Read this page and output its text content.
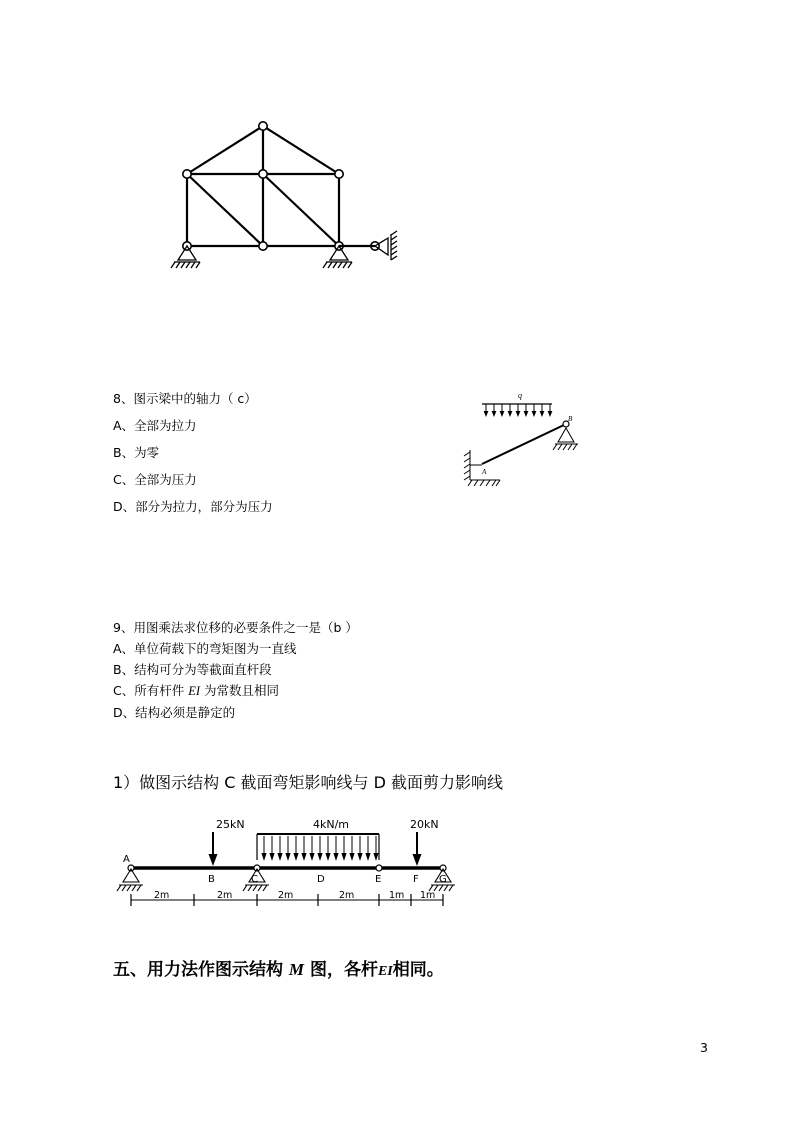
8、图示梁中的轴力（ c）
A、全部为拉力
B、为零
C、全部为压力
D、部分为拉力，部分为压力
q
B
A
9、用图乘法求位移的必要条件之一是（b ）
A、单位荷载下的弯矩图为一直线
B、结构可分为等截面直杆段
C、所有杆件 EI 为常数且相同
D、结构必须是静定的
1）做图示结构 C 截面弯矩影响线与 D 截面剪力影响线
25kN	20kN
4kN/m
A
B	C	D	E	F G
2m	2m	2m	2m	1m 1m
五、用力法作图示结构 M 图，各杆EI相同。
3
